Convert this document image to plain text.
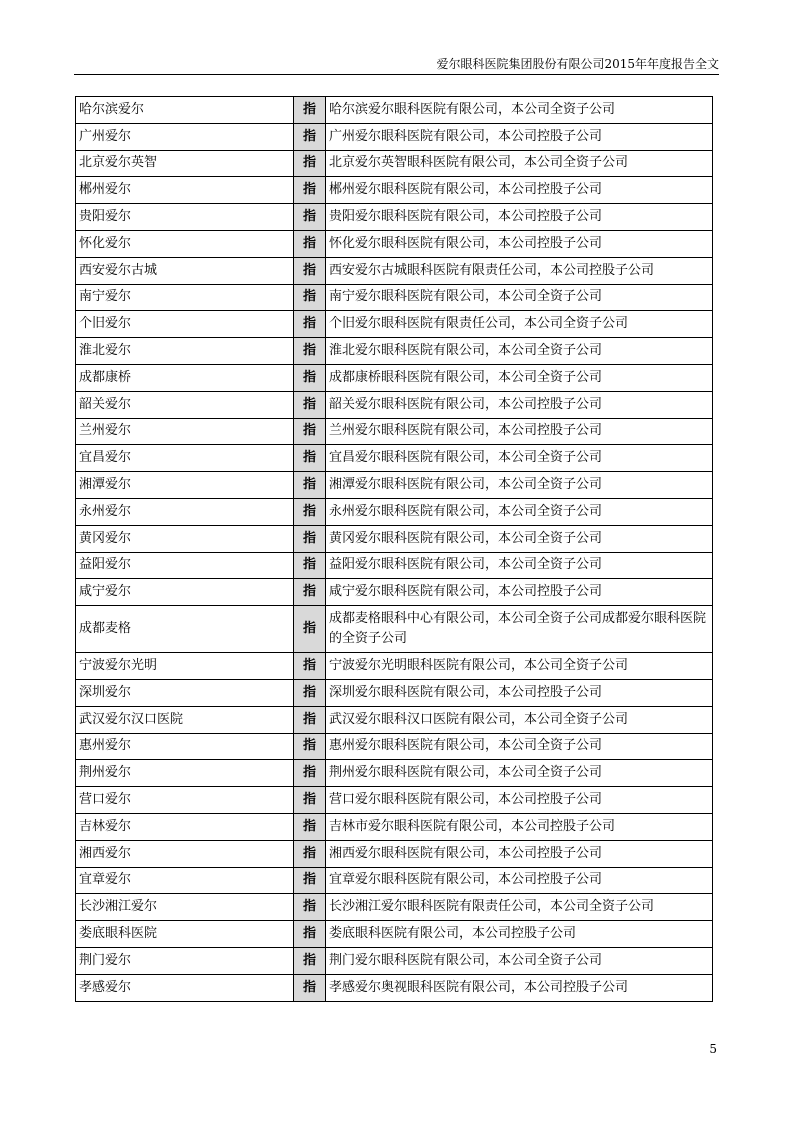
爱尔眼科医院集团股份有限公司2015年年度报告全文
哈尔滨爱尔	指	哈尔滨爱尔眼科医院有限公司，本公司全资子公司
广州爱尔	指	广州爱尔眼科医院有限公司，本公司控股子公司
北京爱尔英智	指	北京爱尔英智眼科医院有限公司，本公司全资子公司
郴州爱尔	指	郴州爱尔眼科医院有限公司，本公司控股子公司
贵阳爱尔	指	贵阳爱尔眼科医院有限公司，本公司控股子公司
怀化爱尔	指	怀化爱尔眼科医院有限公司，本公司控股子公司
西安爱尔古城	指	西安爱尔古城眼科医院有限责任公司，本公司控股子公司
南宁爱尔	指	南宁爱尔眼科医院有限公司，本公司全资子公司
个旧爱尔	指	个旧爱尔眼科医院有限责任公司，本公司全资子公司
淮北爱尔	指	淮北爱尔眼科医院有限公司，本公司全资子公司
成都康桥	指	成都康桥眼科医院有限公司，本公司全资子公司
韶关爱尔	指	韶关爱尔眼科医院有限公司，本公司控股子公司
兰州爱尔	指	兰州爱尔眼科医院有限公司，本公司控股子公司
宜昌爱尔	指	宜昌爱尔眼科医院有限公司，本公司全资子公司
湘潭爱尔	指	湘潭爱尔眼科医院有限公司，本公司全资子公司
永州爱尔	指	永州爱尔眼科医院有限公司，本公司全资子公司
黄冈爱尔	指	黄冈爱尔眼科医院有限公司，本公司全资子公司
益阳爱尔	指	益阳爱尔眼科医院有限公司，本公司全资子公司
咸宁爱尔	指	咸宁爱尔眼科医院有限公司，本公司控股子公司
成都麦格	指	成都麦格眼科中心有限公司，本公司全资子公司成都爱尔眼科医院的全资子公司
宁波爱尔光明	指	宁波爱尔光明眼科医院有限公司，本公司全资子公司
深圳爱尔	指	深圳爱尔眼科医院有限公司，本公司控股子公司
武汉爱尔汉口医院	指	武汉爱尔眼科汉口医院有限公司，本公司全资子公司
惠州爱尔	指	惠州爱尔眼科医院有限公司，本公司全资子公司
荆州爱尔	指	荆州爱尔眼科医院有限公司，本公司全资子公司
营口爱尔	指	营口爱尔眼科医院有限公司，本公司控股子公司
吉林爱尔	指	吉林市爱尔眼科医院有限公司，本公司控股子公司
湘西爱尔	指	湘西爱尔眼科医院有限公司，本公司控股子公司
宜章爱尔	指	宜章爱尔眼科医院有限公司，本公司控股子公司
长沙湘江爱尔	指	长沙湘江爱尔眼科医院有限责任公司，本公司全资子公司
娄底眼科医院	指	娄底眼科医院有限公司，本公司控股子公司
荆门爱尔	指	荆门爱尔眼科医院有限公司，本公司全资子公司
孝感爱尔	指	孝感爱尔奥视眼科医院有限公司，本公司控股子公司
5
